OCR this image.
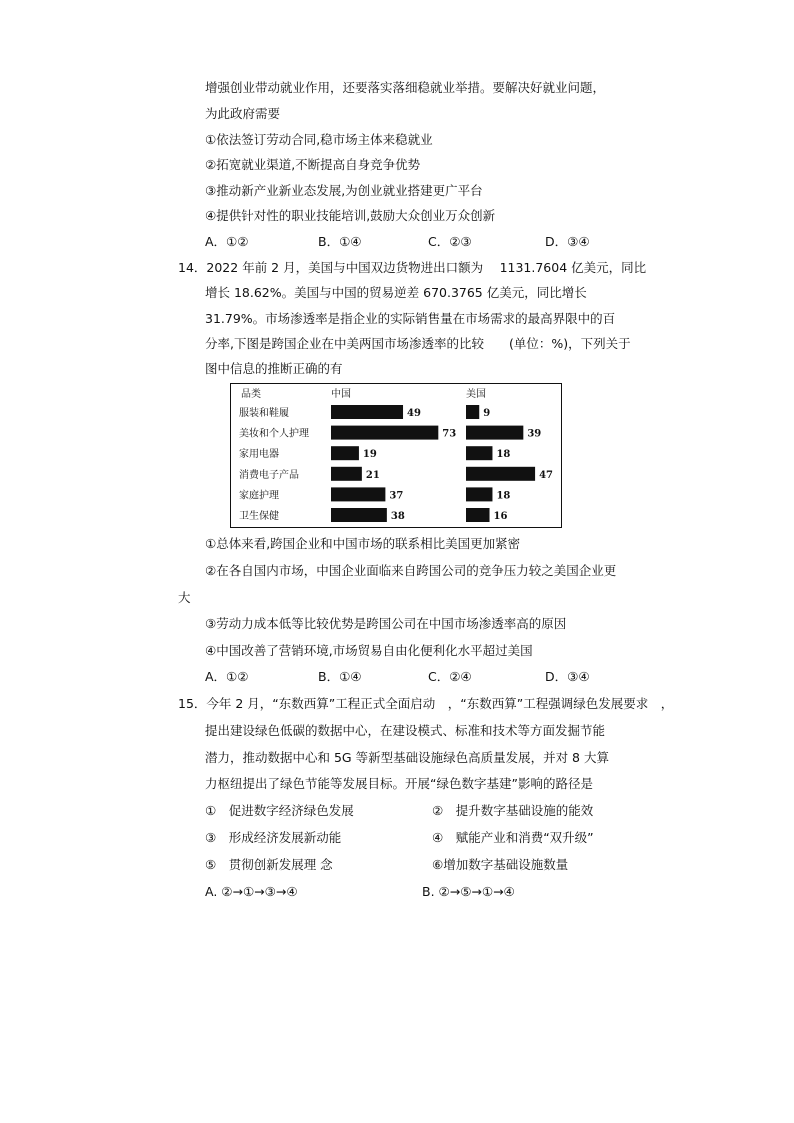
增强创业带动就业作用，还要落实落细稳就业举措。要解决好就业问题，
为此政府需要
①依法签订劳动合同,稳市场主体来稳就业
②拓宽就业渠道,不断提高自身竞争优势
③推动新产业新业态发展,为创业就业搭建更广平台
④提供针对性的职业技能培训,鼓励大众创业万众创新
A．①②	B．①④	C．②③	D．③④
14．2022 年前 2 月，美国与中国双边货物进出口额为　 1131.7604 亿美元，同比
增长 18.62%。美国与中国的贸易逆差 670.3765 亿美元，同比增长
31.79%。市场渗透率是指企业的实际销售量在市场需求的最高界限中的百
分率,下图是跨国企业在中美两国市场渗透率的比较　　(单位：%)，下列关于
图中信息的推断正确的有
品类	中国	美国
服装和鞋履	49	9
美妆和个人护理	73	39
家用电器	19	18
消费电子产品	21	47
家庭护理	37	18
卫生保健	38	16
①总体来看,跨国企业和中国市场的联系相比美国更加紧密
②在各自国内市场，中国企业面临来自跨国公司的竞争压力较之美国企业更
大
③劳动力成本低等比较优势是跨国公司在中国市场渗透率高的原因
④中国改善了营销环境,市场贸易自由化便利化水平超过美国
A．①②	B．①④	C．②④	D．③④
15．今年 2 月，“东数西算”工程正式全面启动　，“东数西算”工程强调绿色发展要求　，
提出建设绿色低碳的数据中心，在建设模式、标准和技术等方面发掘节能
潜力，推动数据中心和 5G 等新型基础设施绿色高质量发展，并对 8 大算
力枢纽提出了绿色节能等发展目标。开展“绿色数字基建”影响的路径是
①　促进数字经济绿色发展	②　提升数字基础设施的能效
③　形成经济发展新动能	④　赋能产业和消费“双升级”
⑤　贯彻创新发展理 念	⑥增加数字基础设施数量
A. ②→①→③→④	B. ②→⑤→①→④
